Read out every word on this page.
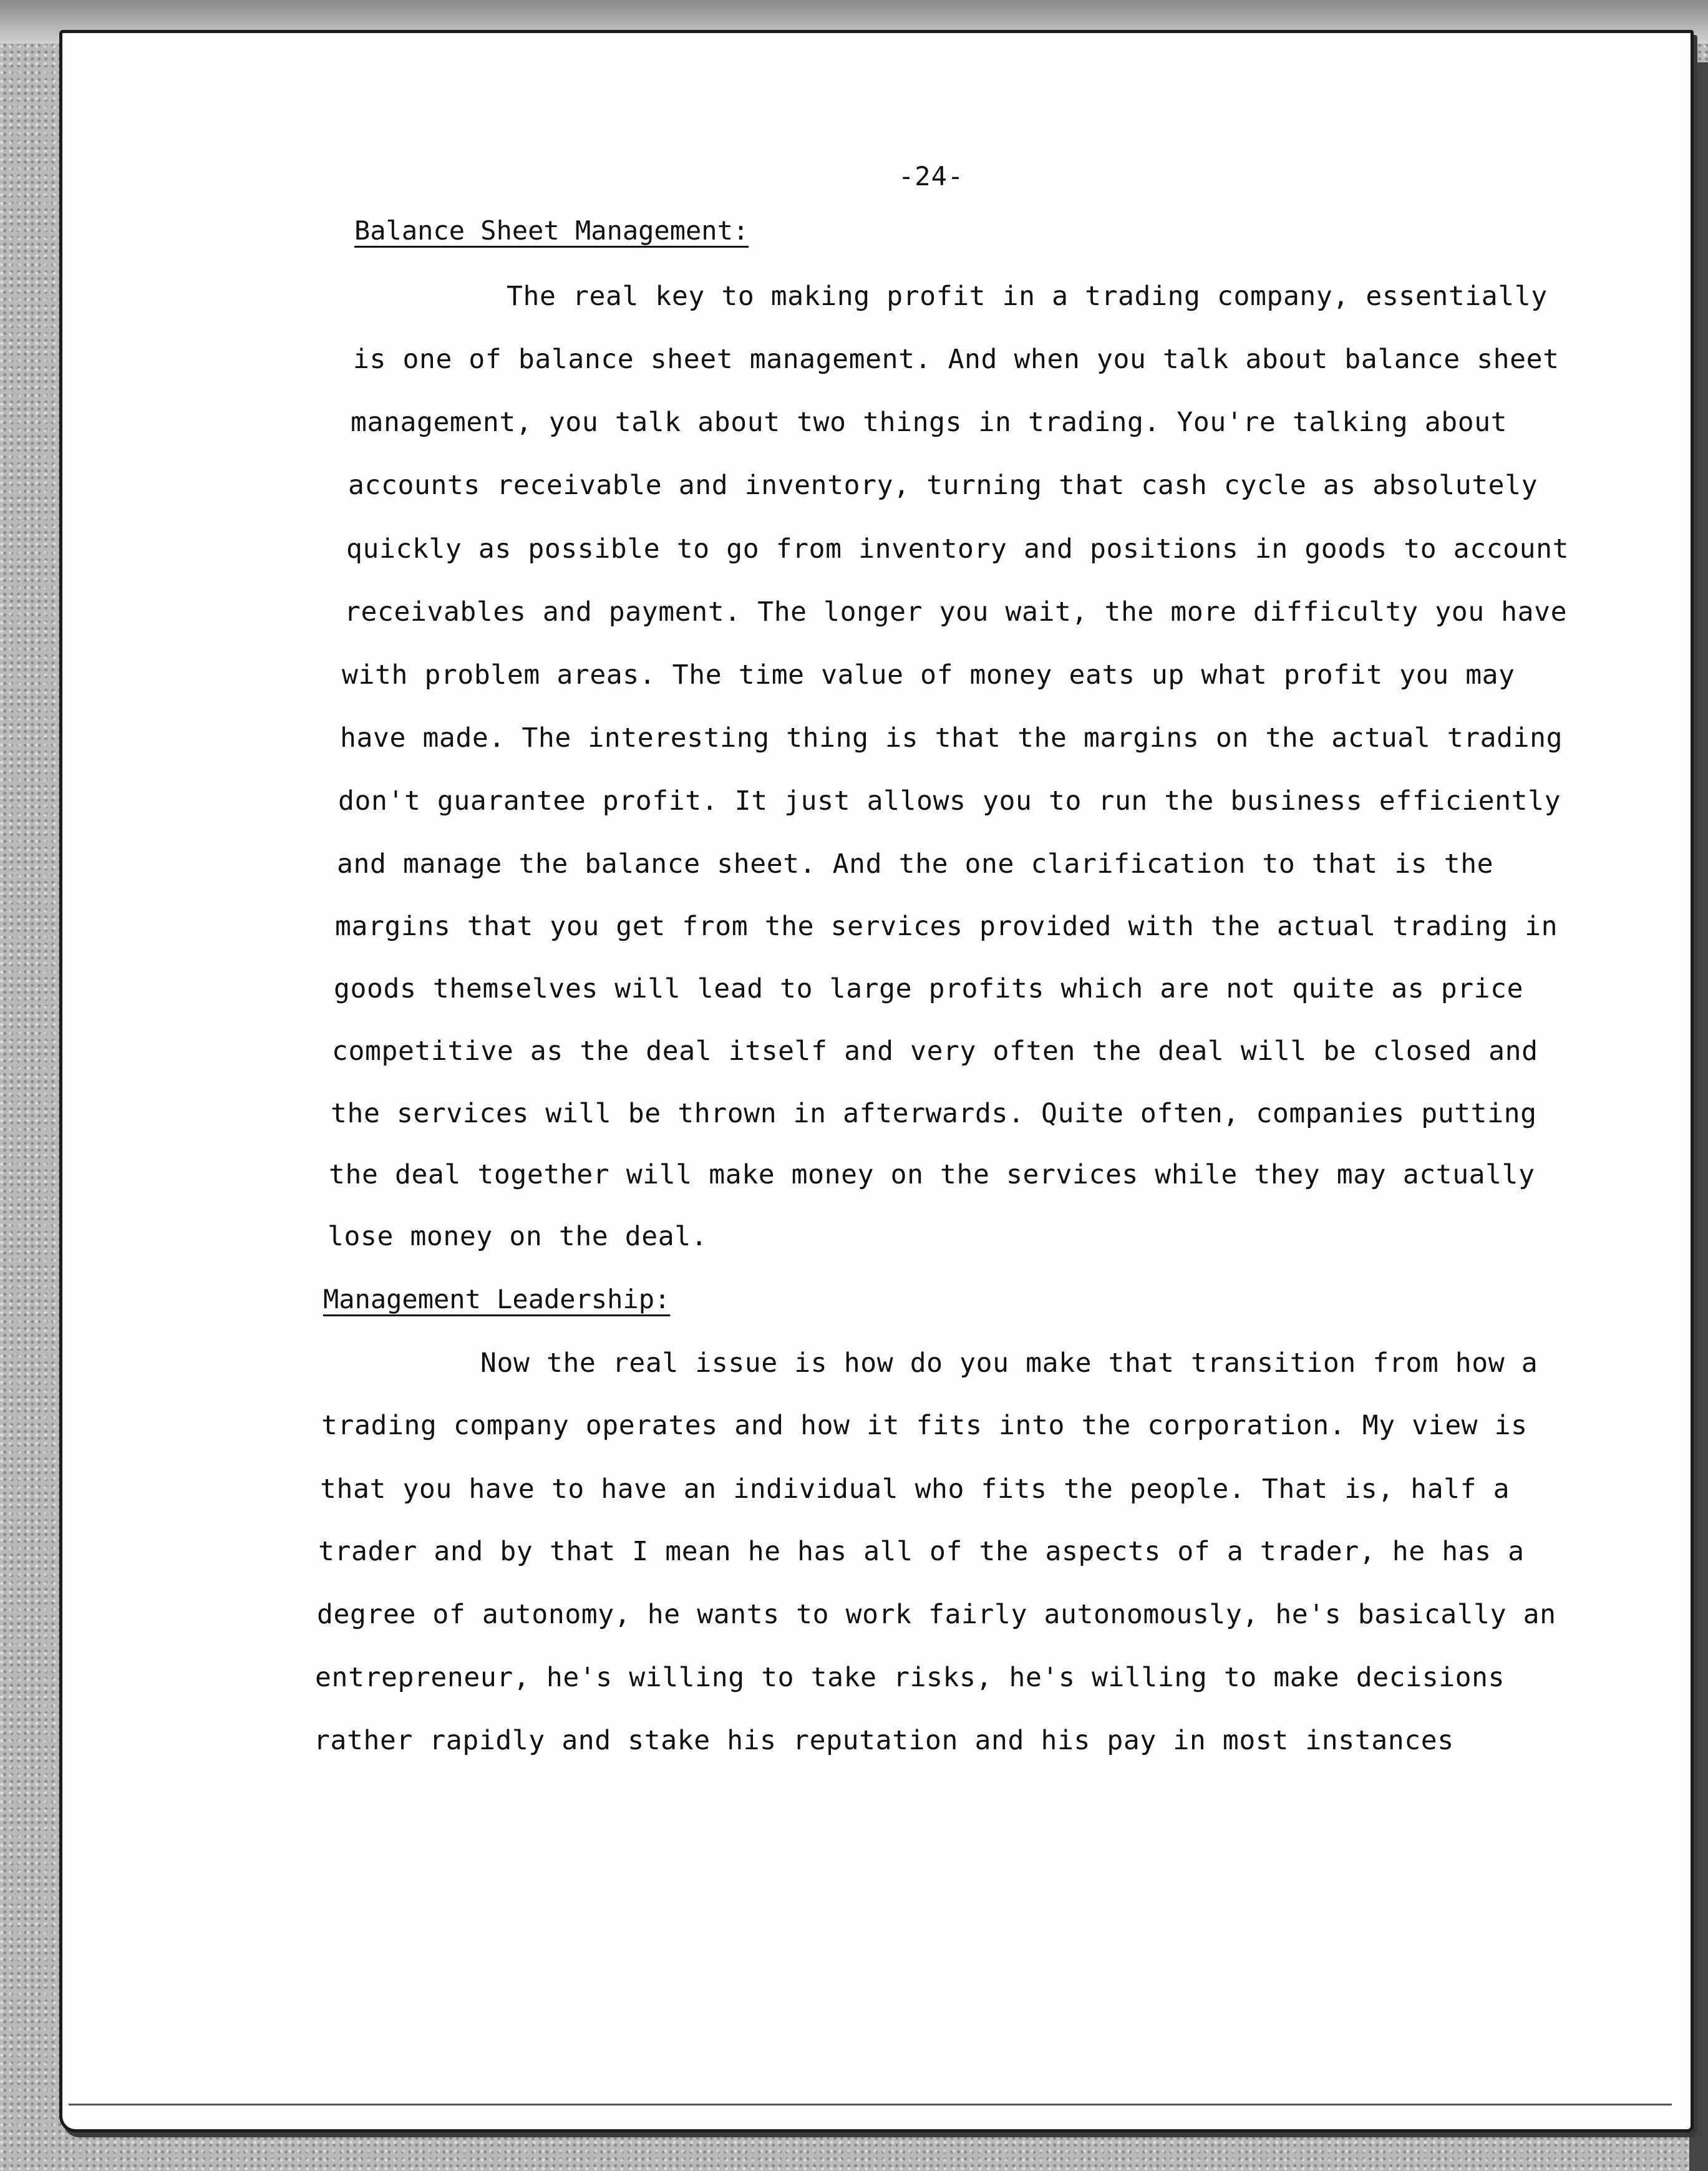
-24-
Balance Sheet Management:
The real key to making profit in a trading company, essentially
is one of balance sheet management. And when you talk about balance sheet
management, you talk about two things in trading. You're talking about
accounts receivable and inventory, turning that cash cycle as absolutely
quickly as possible to go from inventory and positions in goods to account
receivables and payment. The longer you wait, the more difficulty you have
with problem areas. The time value of money eats up what profit you may
have made. The interesting thing is that the margins on the actual trading
don't guarantee profit. It just allows you to run the business efficiently
and manage the balance sheet. And the one clarification to that is the
margins that you get from the services provided with the actual trading in
goods themselves will lead to large profits which are not quite as price
competitive as the deal itself and very often the deal will be closed and
the services will be thrown in afterwards. Quite often, companies putting
the deal together will make money on the services while they may actually
lose money on the deal.
Management Leadership:
Now the real issue is how do you make that transition from how a
trading company operates and how it fits into the corporation. My view is
that you have to have an individual who fits the people. That is, half a
trader and by that I mean he has all of the aspects of a trader, he has a
degree of autonomy, he wants to work fairly autonomously, he's basically an
entrepreneur, he's willing to take risks, he's willing to make decisions
rather rapidly and stake his reputation and his pay in most instances
